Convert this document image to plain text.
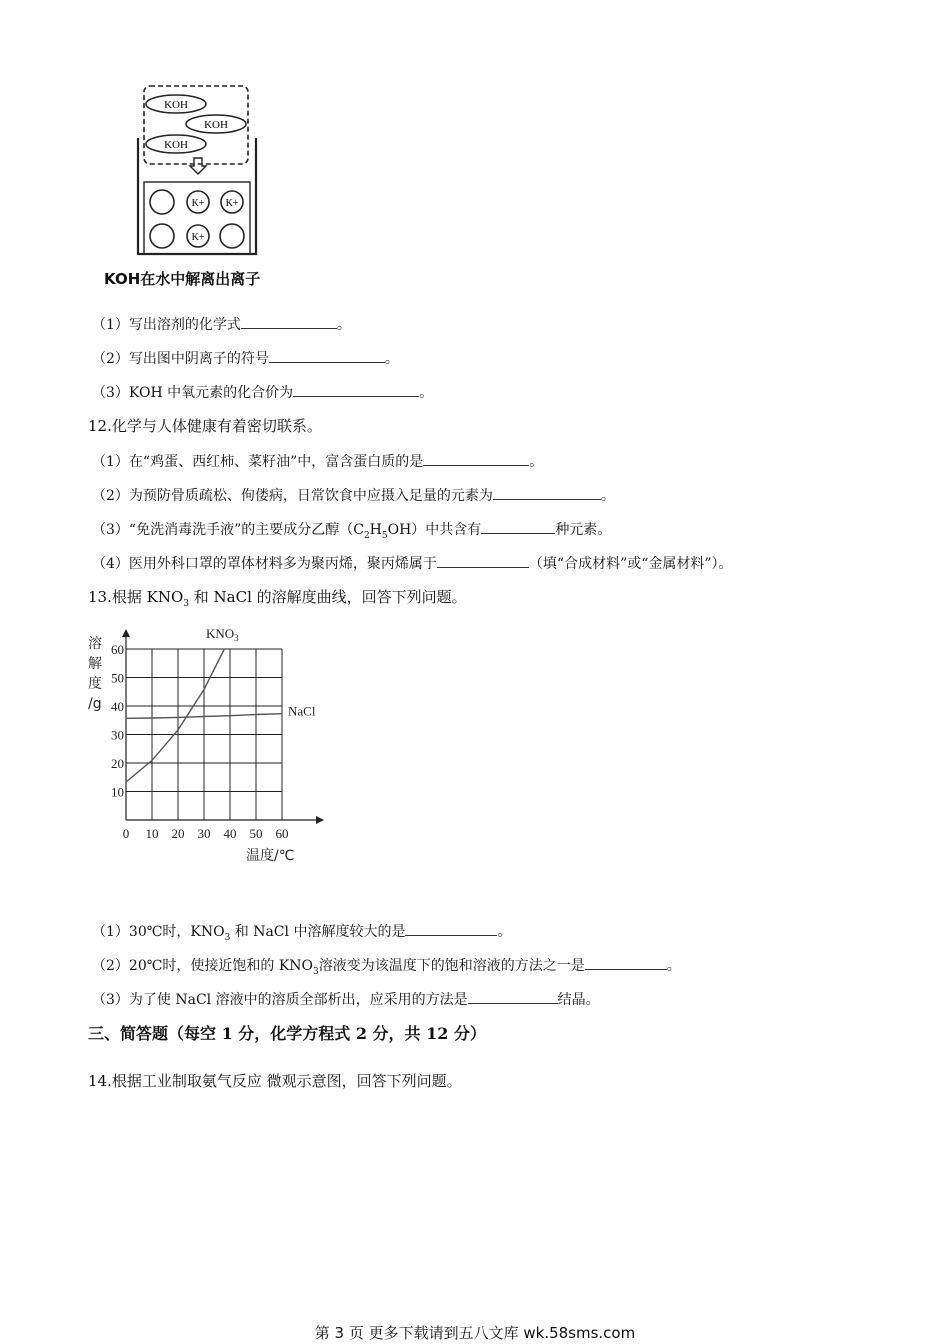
KOH
KOH
KOH
K+ K+
K+
KOH在水中解离出离子
（1）写出溶剂的化学式	。
（2）写出图中阴离子的符号	。
（3）KOH 中氧元素的化合价为	。
12.化学与人体健康有着密切联系。
（1）在“鸡蛋、西红柿、菜籽油”中，富含蛋白质的是	。
（2）为预防骨质疏松、佝偻病，日常饮食中应摄入足量的元素为	。
（3）“免洗消毒洗手液”的主要成分乙醇$(C_2H_5OH)$中共含有	种元素。
（4）医用外科口罩的罩体材料多为聚丙烯，聚丙烯属于	（填“合成材料”或“金属材料”）。
13.根据 $KNO_3$ 和 NaCl 的溶解度曲线，回答下列问题。
0 10 20 30 40 50 60
10
20
30
40
50
60
溶
解
度
/g
温度/℃
$KNO_3$
NaCl
（1）30℃时，$KNO_3$ 和 NaCl 中溶解度较大的是	。
（2）20℃时，使接近饱和的 $KNO_3$溶液变为该温度下的饱和溶液的方法之一是	。
（3）为了使 NaCl 溶液中的溶质全部析出，应采用的方法是	结晶。
三、简答题（每空 1 分，化学方程式 2 分，共 12 分）
14.根据工业制取氨气反应 微观示意图，回答下列问题。
第 3 页 更多下载请到五八文库 wk.58sms.com
